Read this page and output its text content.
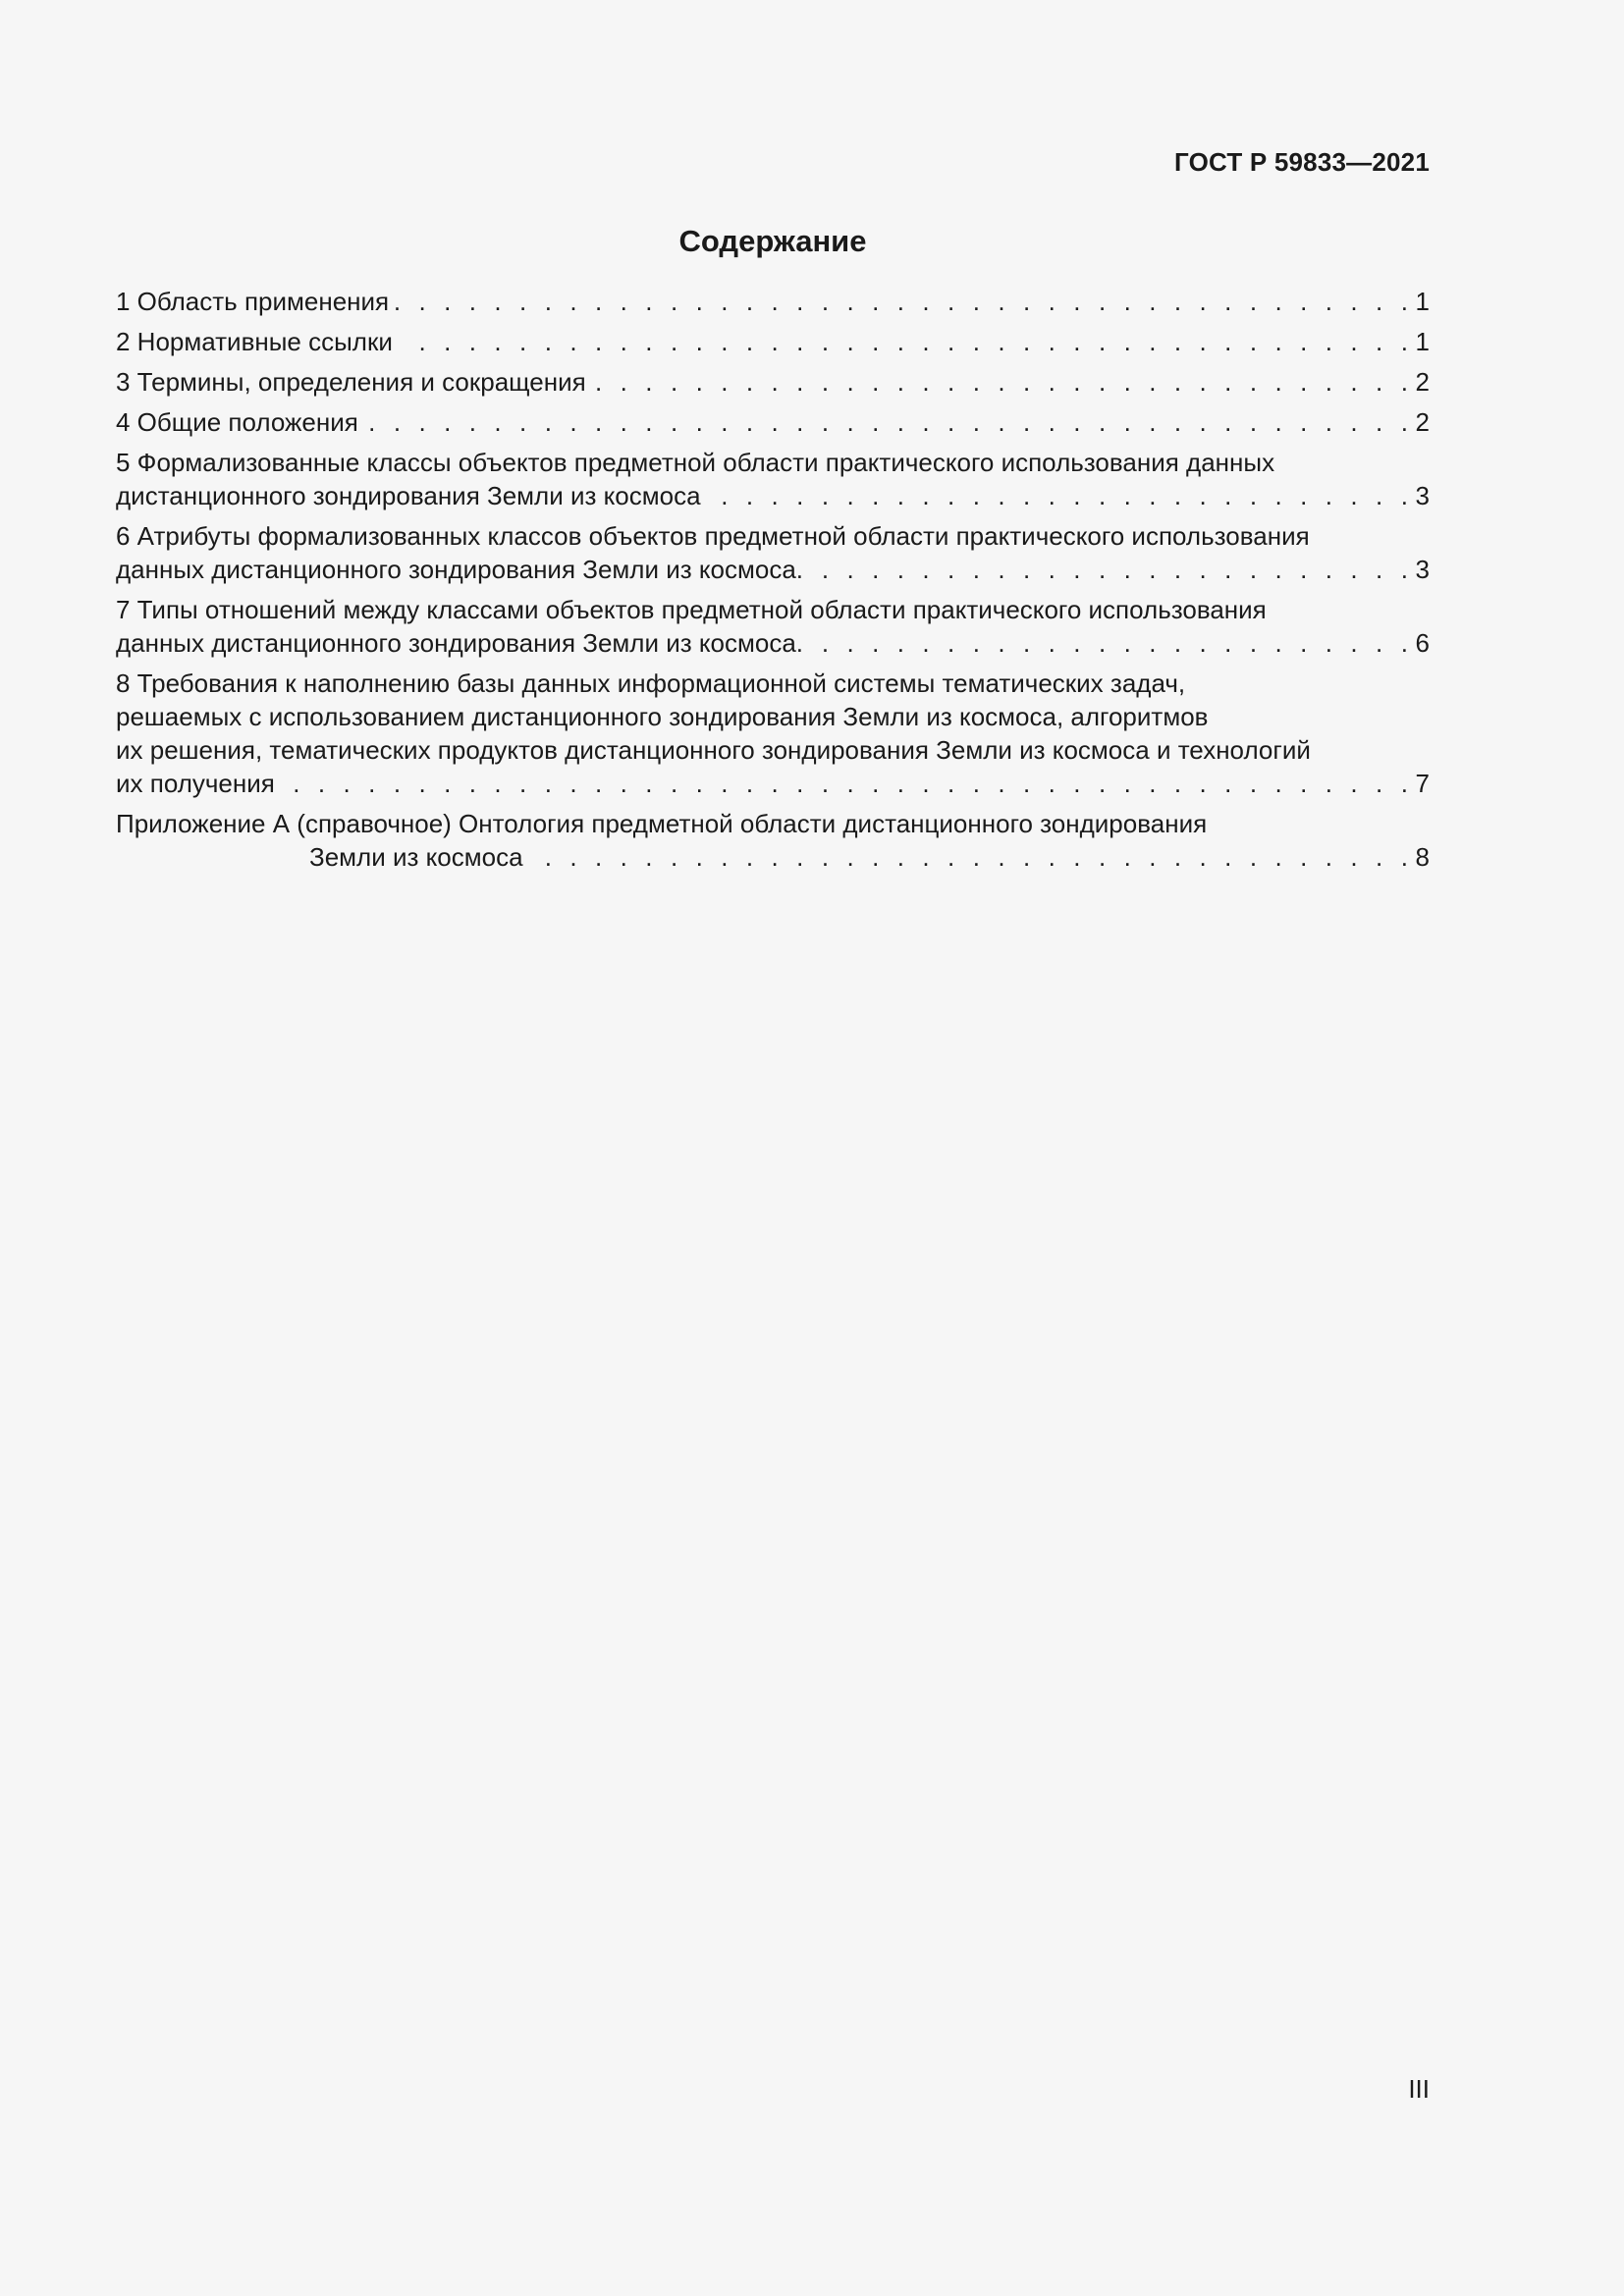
ГОСТ Р 59833—2021
Содержание
1 Область применения . . .	1
2 Нормативные ссылки . . .	1
3 Термины, определения и сокращения . . .	2
4 Общие положения . . .	2
5 Формализованные классы объектов предметной области практического использования данных
дистанционного зондирования Земли из космоса . . .	3
6 Атрибуты формализованных классов объектов предметной области практического использования
данных дистанционного зондирования Земли из космоса. . . .	3
7 Типы отношений между классами объектов предметной области практического использования
данных дистанционного зондирования Земли из космоса. . . .	6
8 Требования к наполнению базы данных информационной системы тематических задач,
решаемых с использованием дистанционного зондирования Земли из космоса, алгоритмов
их решения, тематических продуктов дистанционного зондирования Земли из космоса и технологий
их получения . . .	7
Приложение А (справочное) Онтология предметной области дистанционного зондирования
Земли из космоса . . .	8
III
